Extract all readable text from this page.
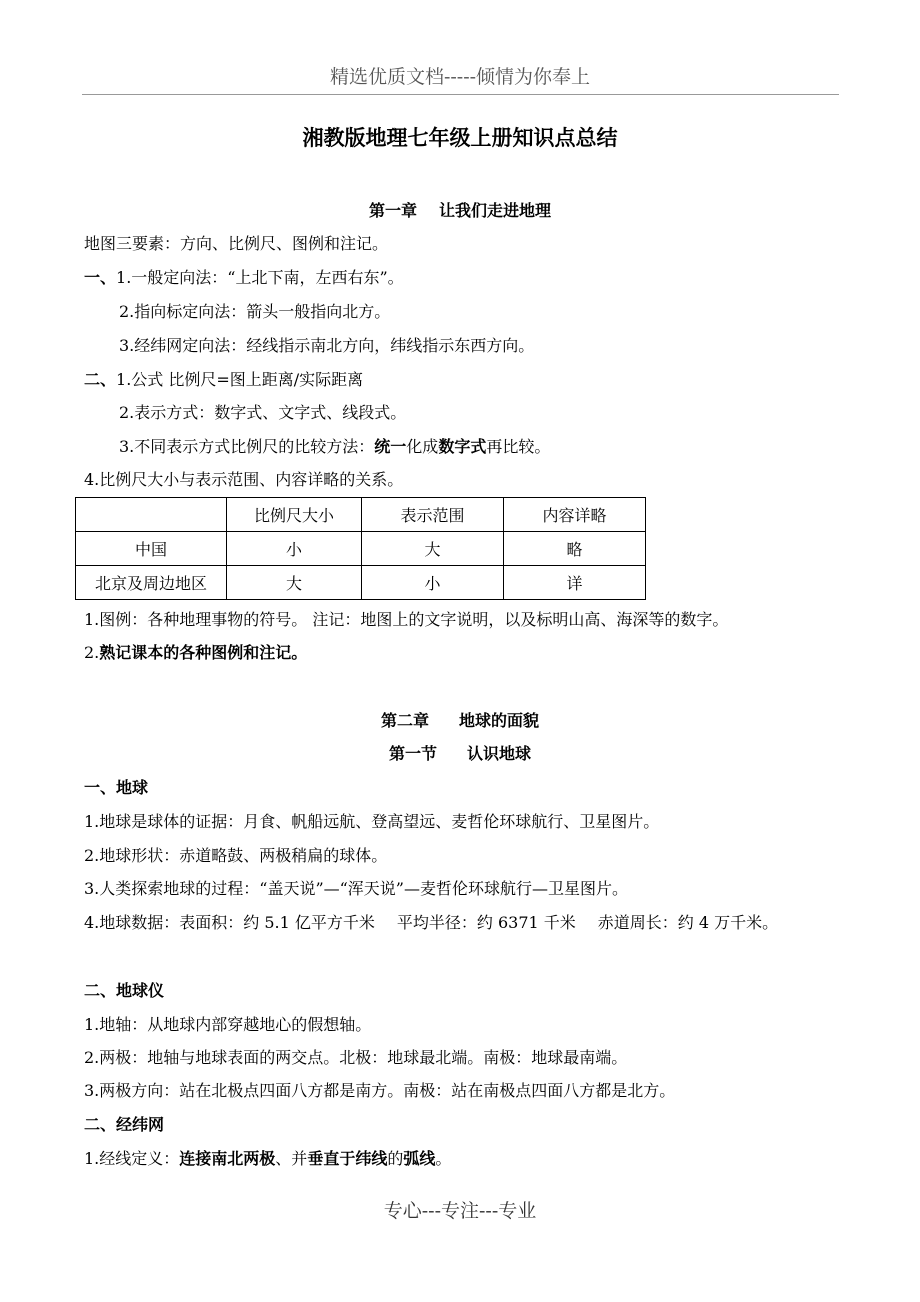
精选优质文档-----倾情为你奉上
湘教版地理七年级上册知识点总结
第一章 让我们走进地理
地图三要素：方向、比例尺、图例和注记。
一、1.一般定向法：“上北下南，左西右东”。
2.指向标定向法：箭头一般指向北方。
3.经纬网定向法：经线指示南北方向，纬线指示东西方向。
二、1.公式 比例尺=图上距离/实际距离
2.表示方式：数字式、文字式、线段式。
3.不同表示方式比例尺的比较方法：统一化成数字式再比较。
4.比例尺大小与表示范围、内容详略的关系。
	比例尺大小	表示范围	内容详略
中国	小	大	略
北京及周边地区	大	小	详
1.图例：各种地理事物的符号。 注记：地图上的文字说明，以及标明山高、海深等的数字。
2.熟记课本的各种图例和注记。
第二章 地球的面貌
第一节 认识地球
一、地球
1.地球是球体的证据：月食、帆船远航、登高望远、麦哲伦环球航行、卫星图片。
2.地球形状：赤道略鼓、两极稍扁的球体。
3.人类探索地球的过程：“盖天说”—“浑天说”—麦哲伦环球航行—卫星图片。
4.地球数据：表面积：约 5.1 亿平方千米 平均半径：约 6371 千米 赤道周长：约 4 万千米。
二、地球仪
1.地轴：从地球内部穿越地心的假想轴。
2.两极：地轴与地球表面的两交点。北极：地球最北端。南极：地球最南端。
3.两极方向：站在北极点四面八方都是南方。南极：站在南极点四面八方都是北方。
二、经纬网
1.经线定义：连接南北两极、并垂直于纬线的弧线。
专心---专注---专业
